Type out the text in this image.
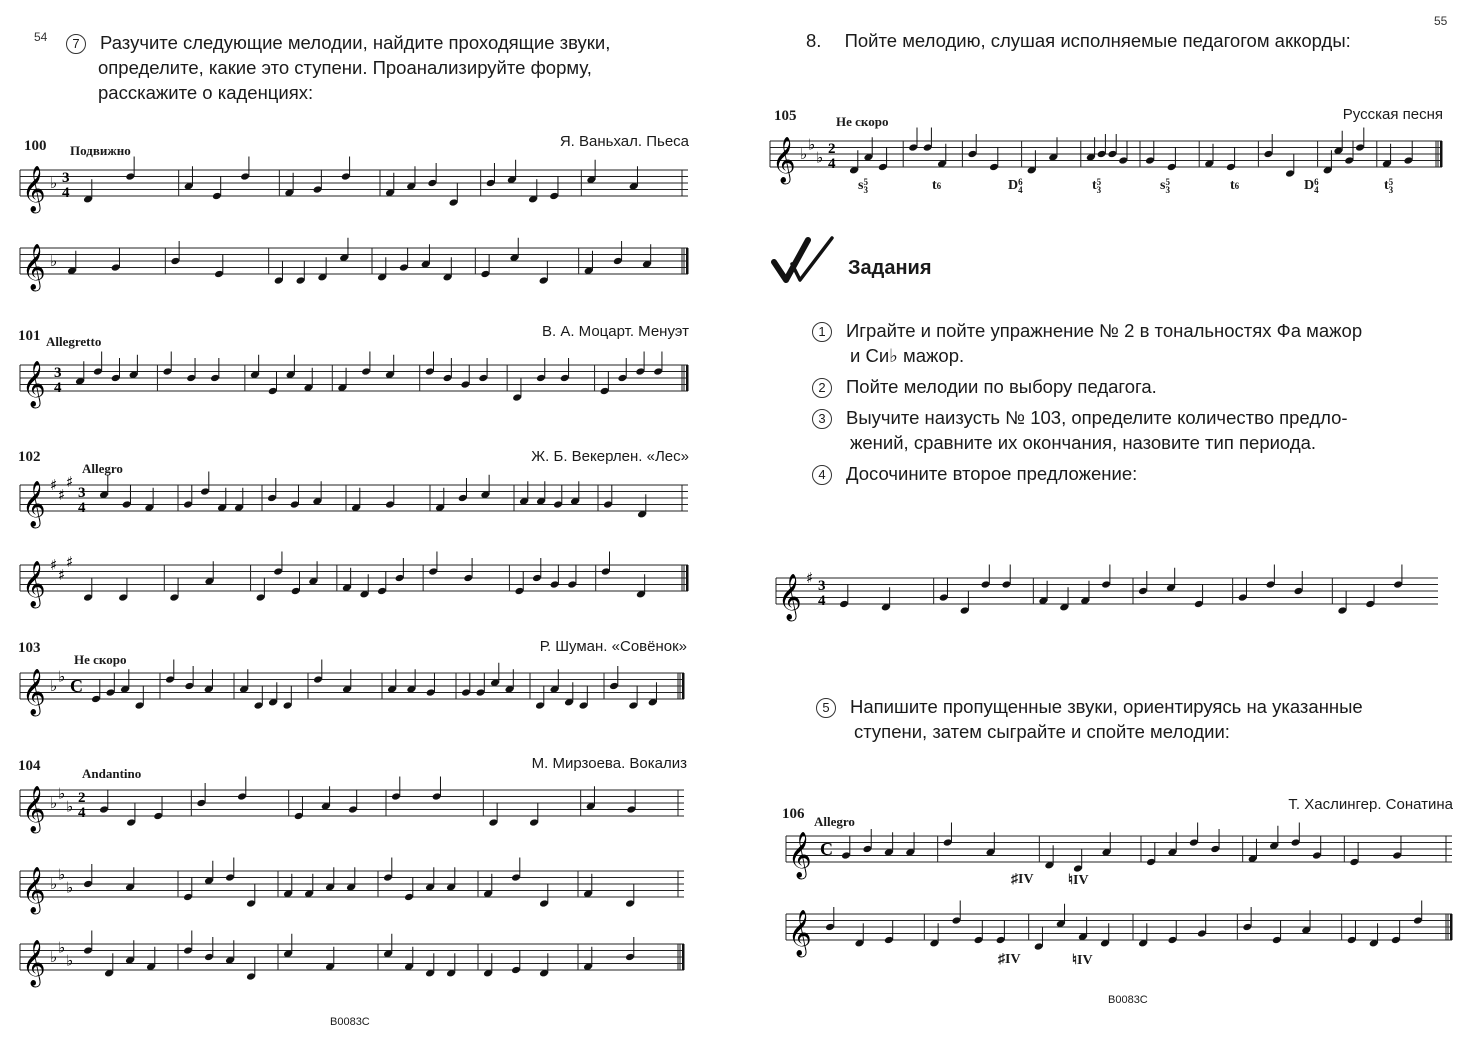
54	7 Разучите следующие мелодии, найдите проходящие звуки,
определите, какие это ступени. Проанализируйте форму,
расскажите о каденциях:
100 Подвижно
Я. Ваньхал. Пьеса
𝄞 ♭ 3
4
𝄞 ♭
101 Allegretto
В. А. Моцарт. Менуэт
𝄞 3
4
102
Allegro
Ж. Б. Векерлен. «Лес»
𝄞 ♯
♯
♯
3
4
𝄞 ♯
♯
♯
103
Не скоро
Р. Шуман. «Совёнок»
𝄞 ♭
♭ C
104	Andantino
М. Мирзоева. Вокализ
𝄞 ♭
♭
♭ 2
4
𝄞 ♭
♭
♭
𝄞 ♭
♭
♭
В0083С
55
8. Пойте мелодию, слушая исполняемые педагогом аккорды:
105	Не скоро	Русская песня
𝄞 ♭
♭
♭ 2
4
s 5
3	t 6	D 6
4	t 5
3	s 5
3	t 6	D 6
4	t 5
3
Задания
1 Играйте и пойте упражнение № 2 в тональностях Фа мажор
и Си♭ мажор.
2 Пойте мелодии по выбору педагога.
3 Выучите наизусть № 103, определите количество предло-
жений, сравните их окончания, назовите тип периода.
4 Досочините второе предложение:
𝄞 ♯ 3
4
5 Напишите пропущенные звуки, ориентируясь на указанные
ступени, затем сыграйте и спойте мелодии:
106 Allegro
Т. Хаслингер. Сонатина
𝄞 C
♯IV ♮IV
𝄞
♯IV	♮IV
В0083С
